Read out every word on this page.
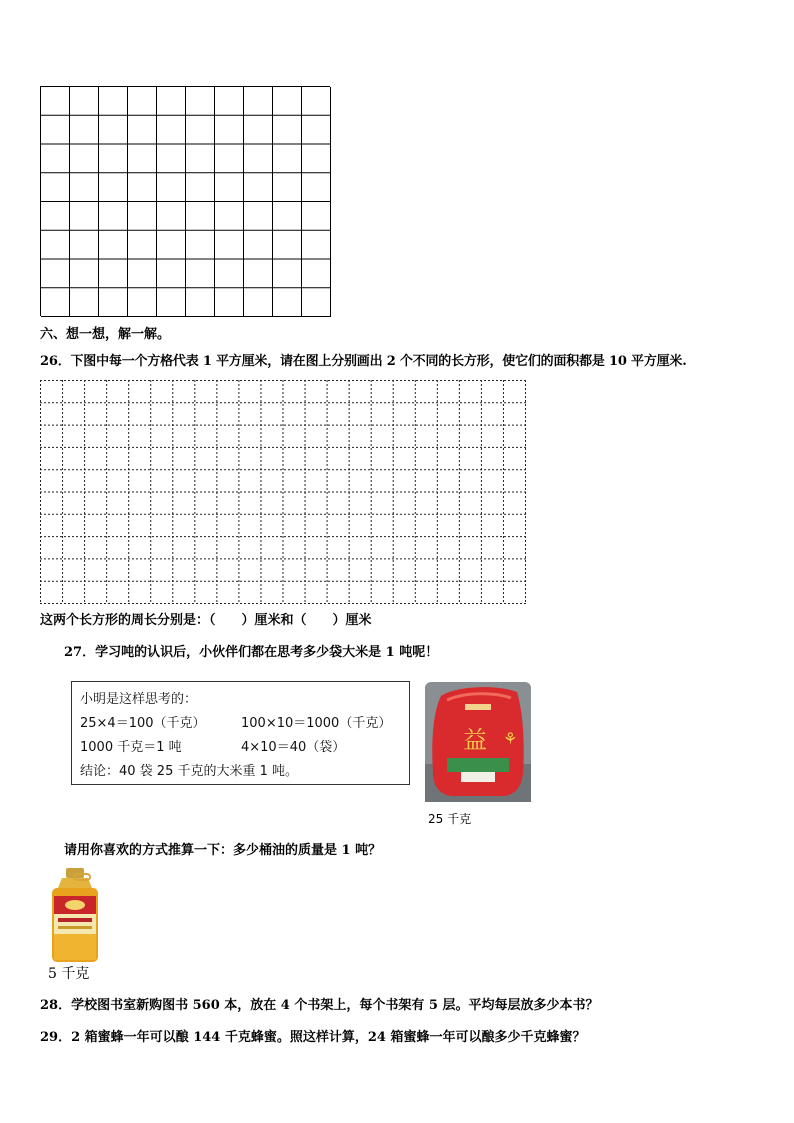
六、想一想，解一解。
26．下图中每一个方格代表 1 平方厘米，请在图上分别画出 2 个不同的长方形，使它们的面积都是 10 平方厘米.
这两个长方形的周长分别是：（　　）厘米和（　　）厘米
27．学习吨的认识后，小伙伴们都在思考多少袋大米是 1 吨呢！
小明是这样思考的：
25×4＝100（千克）	100×10＝1000（千克）
1000 千克＝1 吨	4×10＝40（袋）
结论：40 袋 25 千克的大米重 1 吨。
益 ⚘
25 千克
请用你喜欢的方式推算一下：多少桶油的质量是 1 吨？
5 千克
28．学校图书室新购图书 560 本，放在 4 个书架上，每个书架有 5 层。平均每层放多少本书？
29．2 箱蜜蜂一年可以酿 144 千克蜂蜜。照这样计算，24 箱蜜蜂一年可以酿多少千克蜂蜜？
